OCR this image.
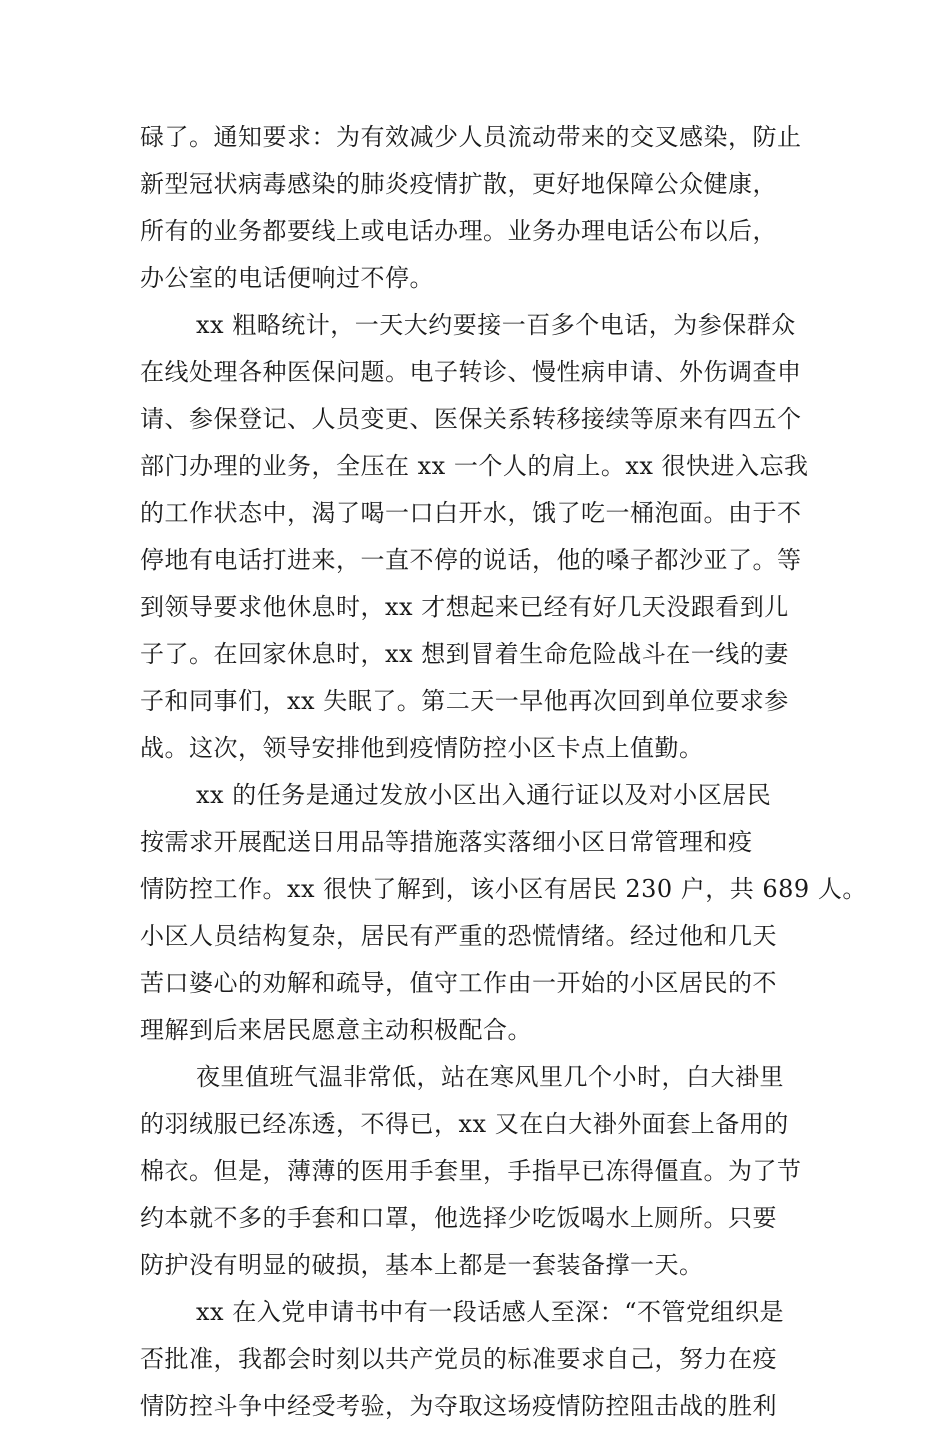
碌了。通知要求：为有效减少人员流动带来的交叉感染，防止
新型冠状病毒感染的肺炎疫情扩散，更好地保障公众健康，
所有的业务都要线上或电话办理。业务办理电话公布以后，
办公室的电话便响过不停。
xx 粗略统计，一天大约要接一百多个电话，为参保群众
在线处理各种医保问题。电子转诊、慢性病申请、外伤调查申
请、参保登记、人员变更、医保关系转移接续等原来有四五个
部门办理的业务，全压在 xx 一个人的肩上。xx 很快进入忘我
的工作状态中，渴了喝一口白开水，饿了吃一桶泡面。由于不
停地有电话打进来，一直不停的说话，他的嗓子都沙亚了。等
到领导要求他休息时，xx 才想起来已经有好几天没跟看到儿
子了。在回家休息时，xx 想到冒着生命危险战斗在一线的妻
子和同事们，xx 失眠了。第二天一早他再次回到单位要求参
战。这次，领导安排他到疫情防控小区卡点上值勤。
xx 的任务是通过发放小区出入通行证以及对小区居民
按需求开展配送日用品等措施落实落细小区日常管理和疫
情防控工作。xx 很快了解到，该小区有居民 230 户，共 689 人。
小区人员结构复杂，居民有严重的恐慌情绪。经过他和几天
苦口婆心的劝解和疏导，值守工作由一开始的小区居民的不
理解到后来居民愿意主动积极配合。
夜里值班气温非常低，站在寒风里几个小时，白大褂里
的羽绒服已经冻透，不得已，xx 又在白大褂外面套上备用的
棉衣。但是，薄薄的医用手套里，手指早已冻得僵直。为了节
约本就不多的手套和口罩，他选择少吃饭喝水上厕所。只要
防护没有明显的破损，基本上都是一套装备撑一天。
xx 在入党申请书中有一段话感人至深：“不管党组织是
否批准，我都会时刻以共产党员的标准要求自己，努力在疫
情防控斗争中经受考验，为夺取这场疫情防控阻击战的胜利
